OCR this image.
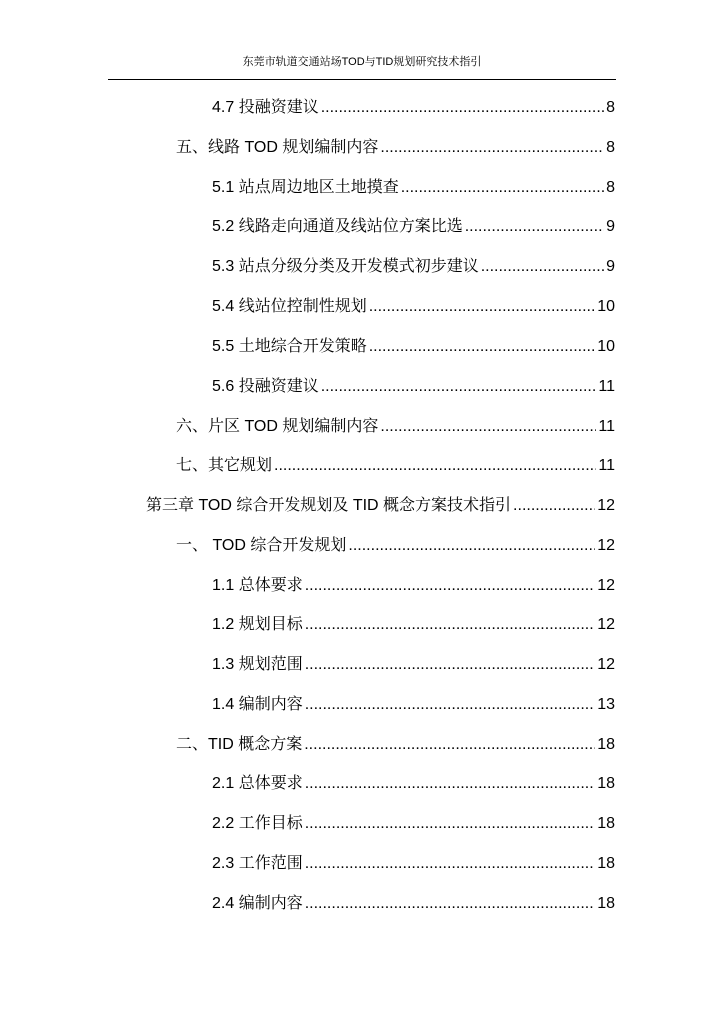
东莞市轨道交通站场TOD与TID规划研究技术指引
4.7 投融资建议 .....	8
五、线路 TOD 规划编制内容 .....	8
5.1 站点周边地区土地摸查 .....	8
5.2 线路走向通道及线站位方案比选 .....	9
5.3 站点分级分类及开发模式初步建议 .....	9
5.4 线站位控制性规划 .....	10
5.5 土地综合开发策略 .....	10
5.6 投融资建议 .....	11
六、片区 TOD 规划编制内容 .....	11
七、其它规划 .....	11
第三章 TOD 综合开发规划及 TID 概念方案技术指引 .....	12
一、 TOD 综合开发规划 .....	12
1.1 总体要求 .....	12
1.2 规划目标 .....	12
1.3 规划范围 .....	12
1.4 编制内容 .....	13
二、TID 概念方案 .....	18
2.1 总体要求 .....	18
2.2 工作目标 .....	18
2.3 工作范围 .....	18
2.4 编制内容 .....	18
